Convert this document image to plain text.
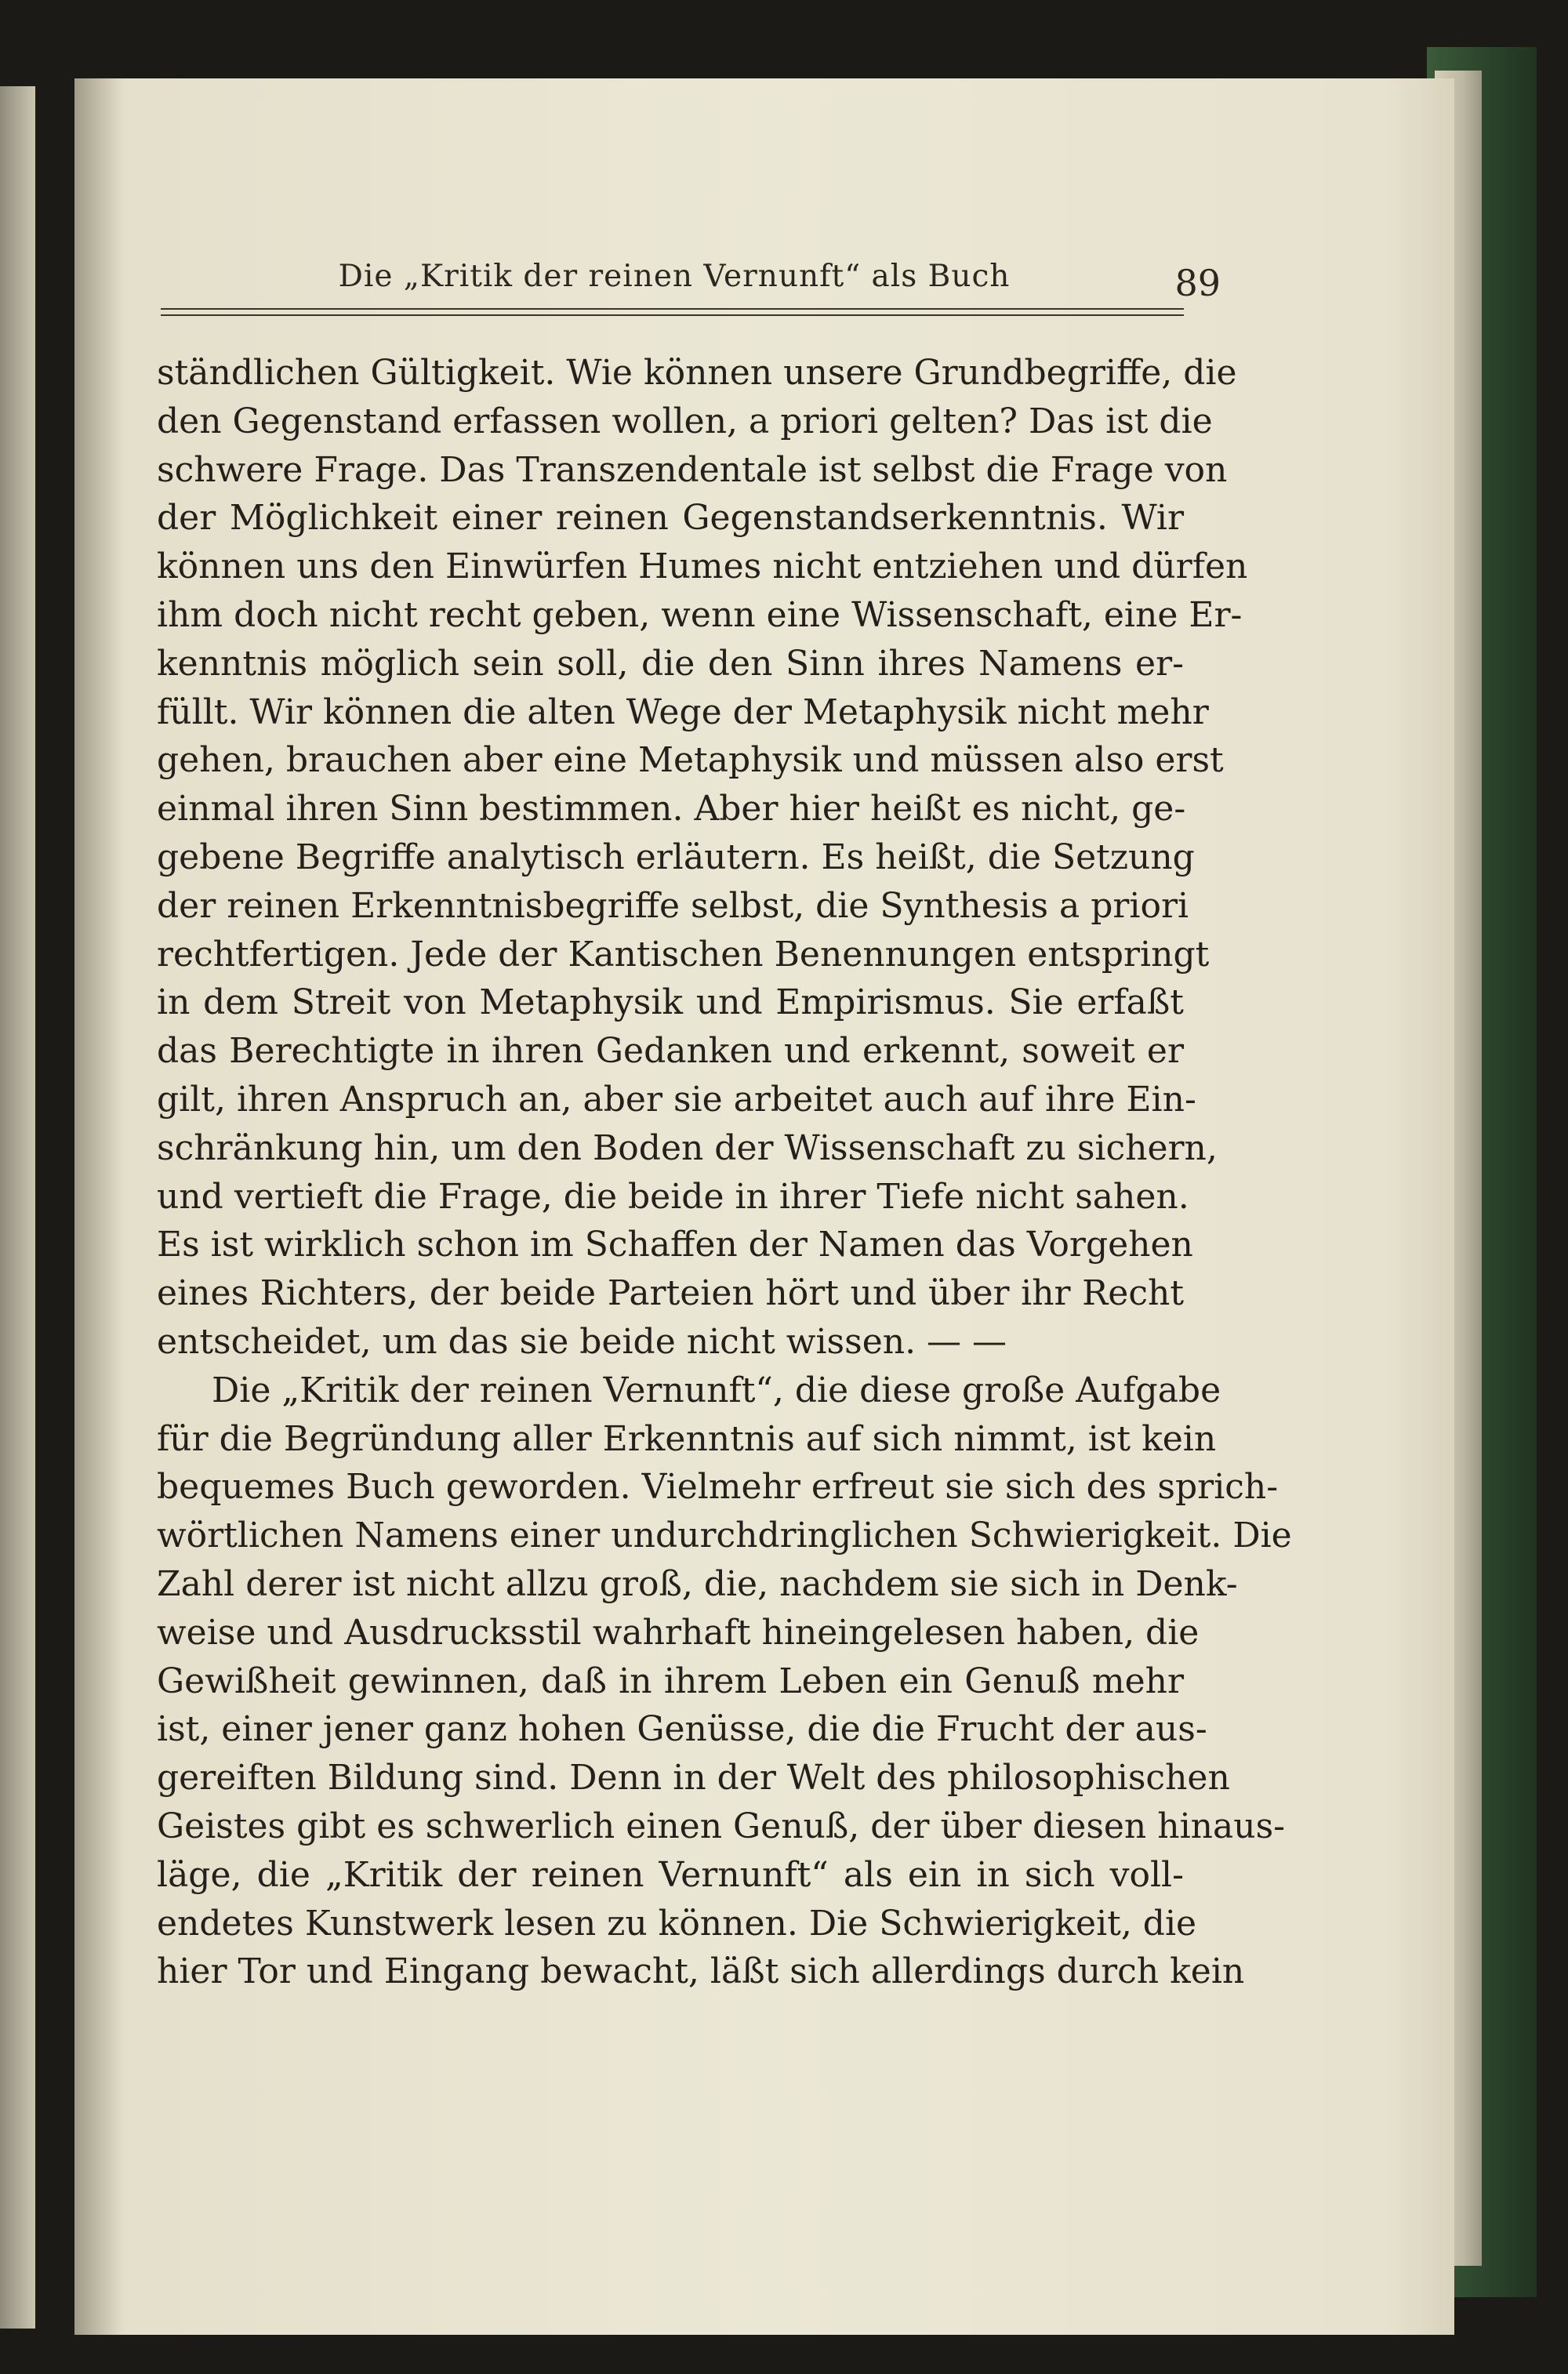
Die „Kritik der reinen Vernunft“ als Buch	89
ständlichen Gültigkeit. Wie können unsere Grundbegriffe, die
den Gegenstand erfassen wollen, a priori gelten? Das ist die
schwere Frage. Das Transzendentale ist selbst die Frage von
der Möglichkeit einer reinen Gegenstandserkenntnis. Wir
können uns den Einwürfen Humes nicht entziehen und dürfen
ihm doch nicht recht geben, wenn eine Wissenschaft, eine Er-
kenntnis möglich sein soll, die den Sinn ihres Namens er-
füllt. Wir können die alten Wege der Metaphysik nicht mehr
gehen, brauchen aber eine Metaphysik und müssen also erst
einmal ihren Sinn bestimmen. Aber hier heißt es nicht, ge-
gebene Begriffe analytisch erläutern. Es heißt, die Setzung
der reinen Erkenntnisbegriffe selbst, die Synthesis a priori
rechtfertigen. Jede der Kantischen Benennungen entspringt
in dem Streit von Metaphysik und Empirismus. Sie erfaßt
das Berechtigte in ihren Gedanken und erkennt, soweit er
gilt, ihren Anspruch an, aber sie arbeitet auch auf ihre Ein-
schränkung hin, um den Boden der Wissenschaft zu sichern,
und vertieft die Frage, die beide in ihrer Tiefe nicht sahen.
Es ist wirklich schon im Schaffen der Namen das Vorgehen
eines Richters, der beide Parteien hört und über ihr Recht
entscheidet, um das sie beide nicht wissen. — —
Die „Kritik der reinen Vernunft“, die diese große Aufgabe
für die Begründung aller Erkenntnis auf sich nimmt, ist kein
bequemes Buch geworden. Vielmehr erfreut sie sich des sprich-
wörtlichen Namens einer undurchdringlichen Schwierigkeit. Die
Zahl derer ist nicht allzu groß, die, nachdem sie sich in Denk-
weise und Ausdrucksstil wahrhaft hineingelesen haben, die
Gewißheit gewinnen, daß in ihrem Leben ein Genuß mehr
ist, einer jener ganz hohen Genüsse, die die Frucht der aus-
gereiften Bildung sind. Denn in der Welt des philosophischen
Geistes gibt es schwerlich einen Genuß, der über diesen hinaus-
läge, die „Kritik der reinen Vernunft“ als ein in sich voll-
endetes Kunstwerk lesen zu können. Die Schwierigkeit, die
hier Tor und Eingang bewacht, läßt sich allerdings durch kein
